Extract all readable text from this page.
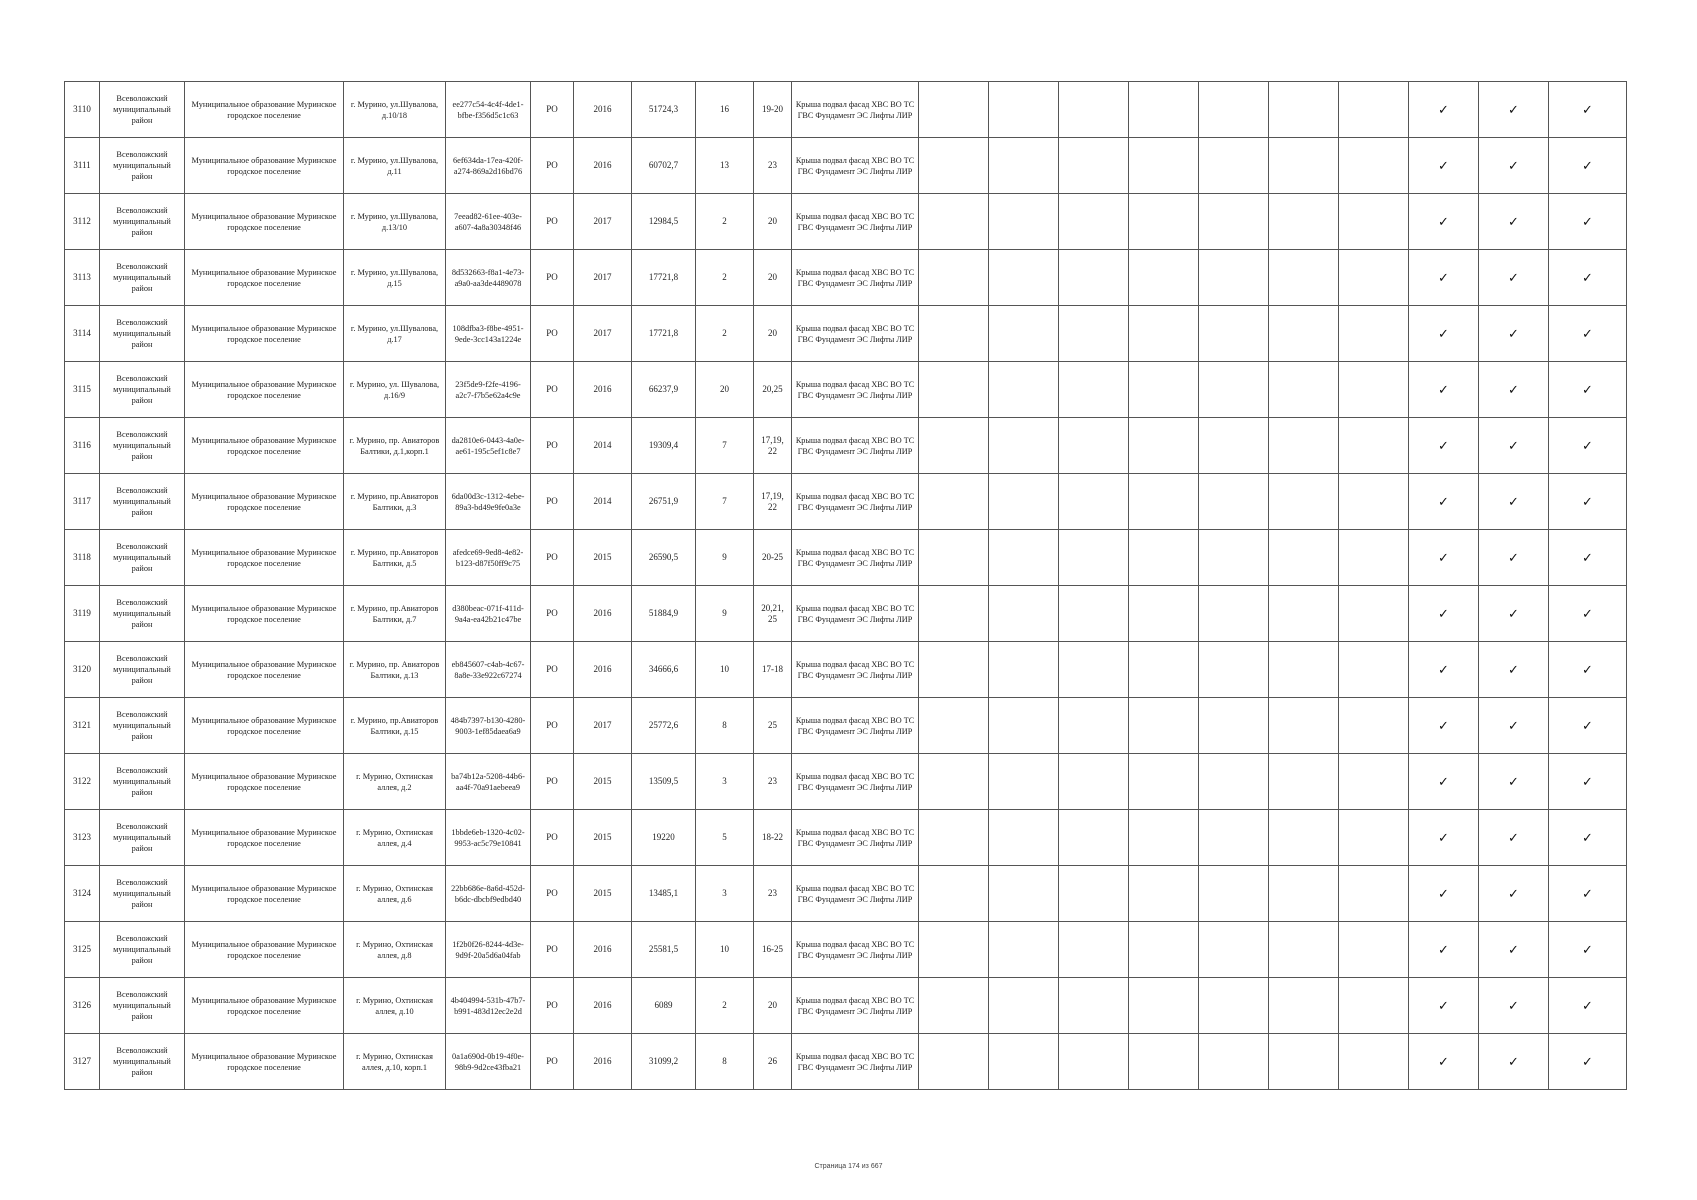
3110	Всеволожский муниципальный район	Муниципальное образование Муринское городское поселение	г. Мурино, ул.Шувалова, д.10/18	ee277c54-4c4f-4de1-bfbe-f356d5c1c63	РО	2016	51724,3	16	19-20	Крыша подвал фасад ХВС ВО ТС ГВС Фундамент ЭС Лифты ЛИР								✓	✓	✓
3111	Всеволожский муниципальный район	Муниципальное образование Муринское городское поселение	г. Мурино, ул.Шувалова, д.11	6ef634da-17ea-420f-a274-869a2d16bd76	РО	2016	60702,7	13	23	Крыша подвал фасад ХВС ВО ТС ГВС Фундамент ЭС Лифты ЛИР								✓	✓	✓
3112	Всеволожский муниципальный район	Муниципальное образование Муринское городское поселение	г. Мурино, ул.Шувалова, д.13/10	7eead82-61ee-403e-a607-4a8a30348f46	РО	2017	12984,5	2	20	Крыша подвал фасад ХВС ВО ТС ГВС Фундамент ЭС Лифты ЛИР								✓	✓	✓
3113	Всеволожский муниципальный район	Муниципальное образование Муринское городское поселение	г. Мурино, ул.Шувалова, д.15	8d532663-f8a1-4e73-a9a0-aa3de4489078	РО	2017	17721,8	2	20	Крыша подвал фасад ХВС ВО ТС ГВС Фундамент ЭС Лифты ЛИР								✓	✓	✓
3114	Всеволожский муниципальный район	Муниципальное образование Муринское городское поселение	г. Мурино, ул.Шувалова, д.17	108dfba3-f8be-4951-9ede-3cc143a1224e	РО	2017	17721,8	2	20	Крыша подвал фасад ХВС ВО ТС ГВС Фундамент ЭС Лифты ЛИР								✓	✓	✓
3115	Всеволожский муниципальный район	Муниципальное образование Муринское городское поселение	г. Мурино, ул. Шувалова, д.16/9	23f5de9-f2fe-4196-a2c7-f7b5e62a4c9e	РО	2016	66237,9	20	20,25	Крыша подвал фасад ХВС ВО ТС ГВС Фундамент ЭС Лифты ЛИР								✓	✓	✓
3116	Всеволожский муниципальный район	Муниципальное образование Муринское городское поселение	г. Мурино, пр. Авиаторов Балтики, д.1,корп.1	da2810e6-0443-4a0e-ae61-195c5ef1c8e7	РО	2014	19309,4	7	17,19, 22	Крыша подвал фасад ХВС ВО ТС ГВС Фундамент ЭС Лифты ЛИР								✓	✓	✓
3117	Всеволожский муниципальный район	Муниципальное образование Муринское городское поселение	г. Мурино, пр.Авиаторов Балтики, д.3	6da00d3c-1312-4ebe-89a3-bd49e9fe0a3e	РО	2014	26751,9	7	17,19, 22	Крыша подвал фасад ХВС ВО ТС ГВС Фундамент ЭС Лифты ЛИР								✓	✓	✓
3118	Всеволожский муниципальный район	Муниципальное образование Муринское городское поселение	г. Мурино, пр.Авиаторов Балтики, д.5	afedce69-9ed8-4e82-b123-d87f50ff9c75	РО	2015	26590,5	9	20-25	Крыша подвал фасад ХВС ВО ТС ГВС Фундамент ЭС Лифты ЛИР								✓	✓	✓
3119	Всеволожский муниципальный район	Муниципальное образование Муринское городское поселение	г. Мурино, пр.Авиаторов Балтики, д.7	d380beac-071f-411d-9a4a-ea42b21c47be	РО	2016	51884,9	9	20,21, 25	Крыша подвал фасад ХВС ВО ТС ГВС Фундамент ЭС Лифты ЛИР								✓	✓	✓
3120	Всеволожский муниципальный район	Муниципальное образование Муринское городское поселение	г. Мурино, пр. Авиаторов Балтики, д.13	eb845607-c4ab-4c67-8a8e-33e922c67274	РО	2016	34666,6	10	17-18	Крыша подвал фасад ХВС ВО ТС ГВС Фундамент ЭС Лифты ЛИР								✓	✓	✓
3121	Всеволожский муниципальный район	Муниципальное образование Муринское городское поселение	г. Мурино, пр.Авиаторов Балтики, д.15	484b7397-b130-4280-9003-1ef85daea6a9	РО	2017	25772,6	8	25	Крыша подвал фасад ХВС ВО ТС ГВС Фундамент ЭС Лифты ЛИР								✓	✓	✓
3122	Всеволожский муниципальный район	Муниципальное образование Муринское городское поселение	г. Мурино, Охтинская аллея, д.2	ba74b12a-5208-44b6-aa4f-70a91aebeea9	РО	2015	13509,5	3	23	Крыша подвал фасад ХВС ВО ТС ГВС Фундамент ЭС Лифты ЛИР								✓	✓	✓
3123	Всеволожский муниципальный район	Муниципальное образование Муринское городское поселение	г. Мурино, Охтинская аллея, д.4	1bbde6eb-1320-4c02-9953-ac5c79e10841	РО	2015	19220	5	18-22	Крыша подвал фасад ХВС ВО ТС ГВС Фундамент ЭС Лифты ЛИР								✓	✓	✓
3124	Всеволожский муниципальный район	Муниципальное образование Муринское городское поселение	г. Мурино, Охтинская аллея, д.6	22bb686e-8a6d-452d-b6dc-dbcbf9edbd40	РО	2015	13485,1	3	23	Крыша подвал фасад ХВС ВО ТС ГВС Фундамент ЭС Лифты ЛИР								✓	✓	✓
3125	Всеволожский муниципальный район	Муниципальное образование Муринское городское поселение	г. Мурино, Охтинская аллея, д.8	1f2b0f26-8244-4d3e-9d9f-20a5d6a04fab	РО	2016	25581,5	10	16-25	Крыша подвал фасад ХВС ВО ТС ГВС Фундамент ЭС Лифты ЛИР								✓	✓	✓
3126	Всеволожский муниципальный район	Муниципальное образование Муринское городское поселение	г. Мурино, Охтинская аллея, д.10	4b404994-531b-47b7-b991-483d12ec2e2d	РО	2016	6089	2	20	Крыша подвал фасад ХВС ВО ТС ГВС Фундамент ЭС Лифты ЛИР								✓	✓	✓
3127	Всеволожский муниципальный район	Муниципальное образование Муринское городское поселение	г. Мурино, Охтинская аллея, д.10, корп.1	0a1a690d-0b19-4f0e-98b9-9d2ce43fba21	РО	2016	31099,2	8	26	Крыша подвал фасад ХВС ВО ТС ГВС Фундамент ЭС Лифты ЛИР								✓	✓	✓
Страница 174 из 667
